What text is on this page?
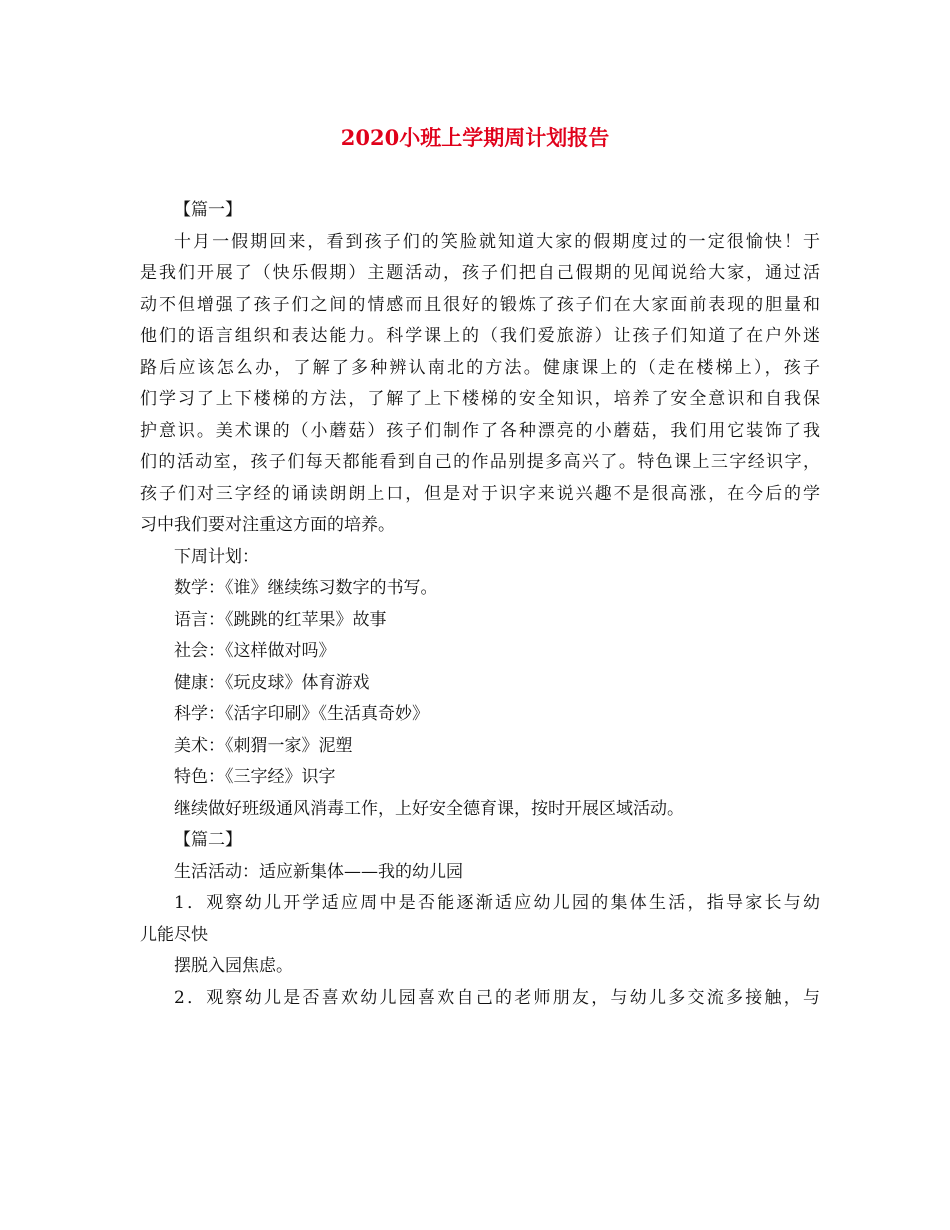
2020小班上学期周计划报告
【篇一】
十月一假期回来，看到孩子们的笑脸就知道大家的假期度过的一定很愉快！于
是我们开展了（快乐假期）主题活动，孩子们把自己假期的见闻说给大家，通过活
动不但增强了孩子们之间的情感而且很好的锻炼了孩子们在大家面前表现的胆量和
他们的语言组织和表达能力。科学课上的（我们爱旅游）让孩子们知道了在户外迷
路后应该怎么办，了解了多种辨认南北的方法。健康课上的（走在楼梯上），孩子
们学习了上下楼梯的方法，了解了上下楼梯的安全知识，培养了安全意识和自我保
护意识。美术课的（小蘑菇）孩子们制作了各种漂亮的小蘑菇，我们用它装饰了我
们的活动室，孩子们每天都能看到自己的作品别提多高兴了。特色课上三字经识字，
孩子们对三字经的诵读朗朗上口，但是对于识字来说兴趣不是很高涨，在今后的学
习中我们要对注重这方面的培养。
下周计划：
数学：《谁》继续练习数字的书写。
语言：《跳跳的红苹果》故事
社会：《这样做对吗》
健康：《玩皮球》体育游戏
科学：《活字印刷》《生活真奇妙》
美术：《刺猬一家》泥塑
特色：《三字经》识字
继续做好班级通风消毒工作，上好安全德育课，按时开展区域活动。
【篇二】
生活活动：适应新集体——我的幼儿园
1．观察幼儿开学适应周中是否能逐渐适应幼儿园的集体生活，指导家长与幼
儿能尽快
摆脱入园焦虑。
2．观察幼儿是否喜欢幼儿园喜欢自己的老师朋友，与幼儿多交流多接触，与
